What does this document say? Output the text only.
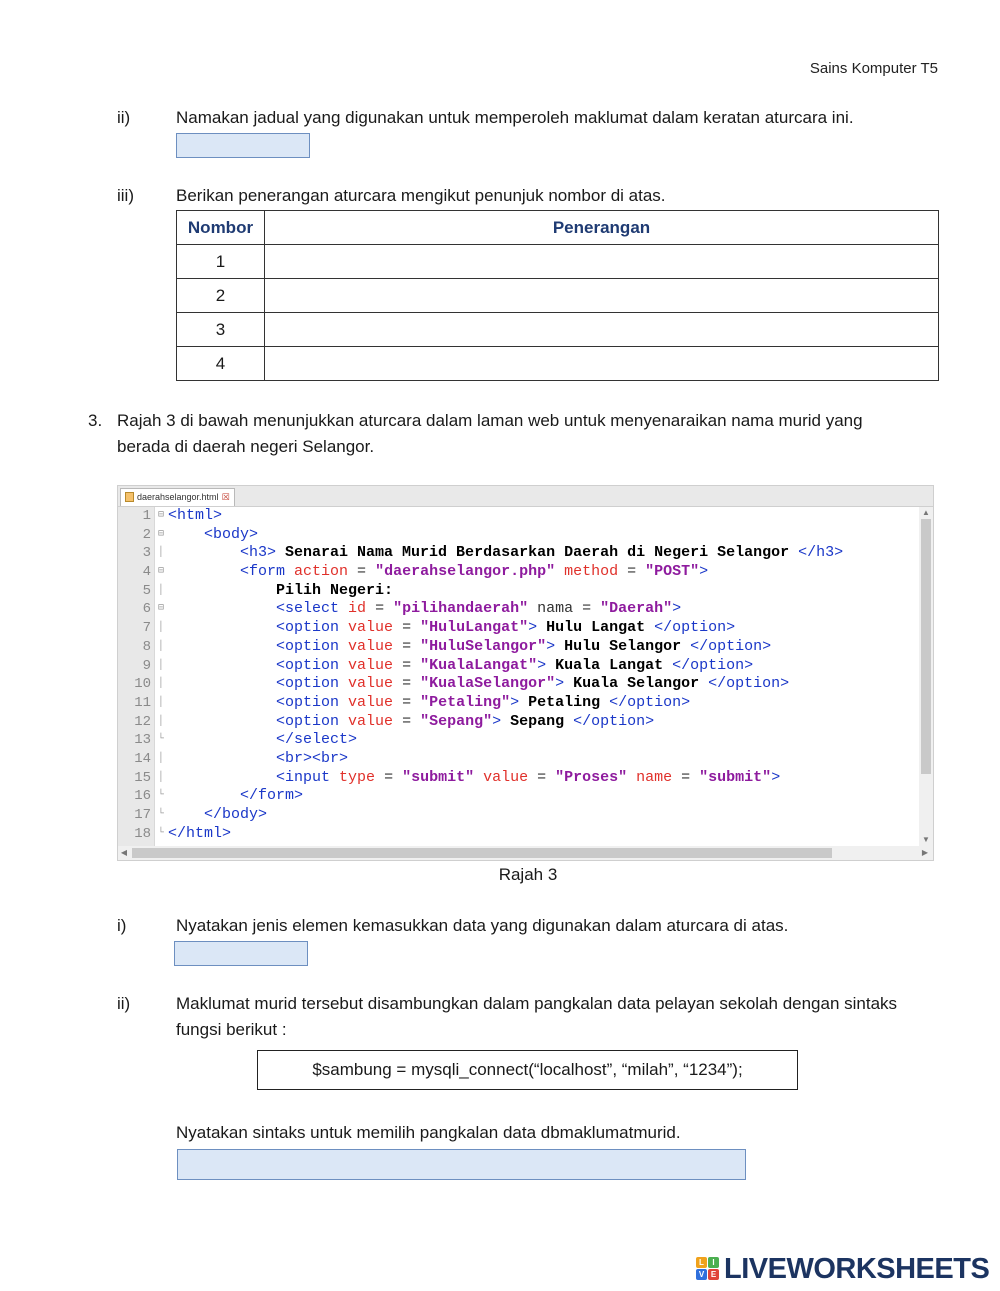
Sains Komputer T5
ii)	Namakan jadual yang digunakan untuk memperoleh maklumat dalam keratan aturcara ini.
iii) Berikan penerangan aturcara mengikut penunjuk nombor di atas.
Nombor	Penerangan
1	
2	
3	
4	
3. Rajah 3 di bawah menunjukkan aturcara dalam laman web untuk menyenaraikan nama murid yang
berada di daerah negeri Selangor.
daerahselangor.html ☒
1 ⊟ <html>
2 ⊟	<body>
3 │	<h3> Senarai Nama Murid Berdasarkan Daerah di Negeri Selangor </h3>
4 ⊟	<form action = "daerahselangor.php" method = "POST">
5 │	Pilih Negeri:
6 ⊟	<select id = "pilihandaerah" nama = "Daerah">
7 │	<option value = "HuluLangat"> Hulu Langat </option>
8 │	<option value = "HuluSelangor"> Hulu Selangor </option>
9 │	<option value = "KualaLangat"> Kuala Langat </option>
10 │	<option value = "KualaSelangor"> Kuala Selangor </option>
11 │	<option value = "Petaling"> Petaling </option>
12 │	<option value = "Sepang"> Sepang </option>
13 └	</select>
14 │	<br><br>
15 │	<input type = "submit" value = "Proses" name = "submit">
16 └	</form>
17 └	</body>
18 └ </html>
▲
▼
◀	▶
Rajah 3
i)	Nyatakan jenis elemen kemasukkan data yang digunakan dalam aturcara di atas.
ii)	Maklumat murid tersebut disambungkan dalam pangkalan data pelayan sekolah dengan sintaks
fungsi berikut :
$sambung = mysqli_connect(“localhost”, “milah”, “1234”);
Nyatakan sintaks untuk memilih pangkalan data dbmaklumatmurid.
L	I
V E LIVEWORKSHEETS
